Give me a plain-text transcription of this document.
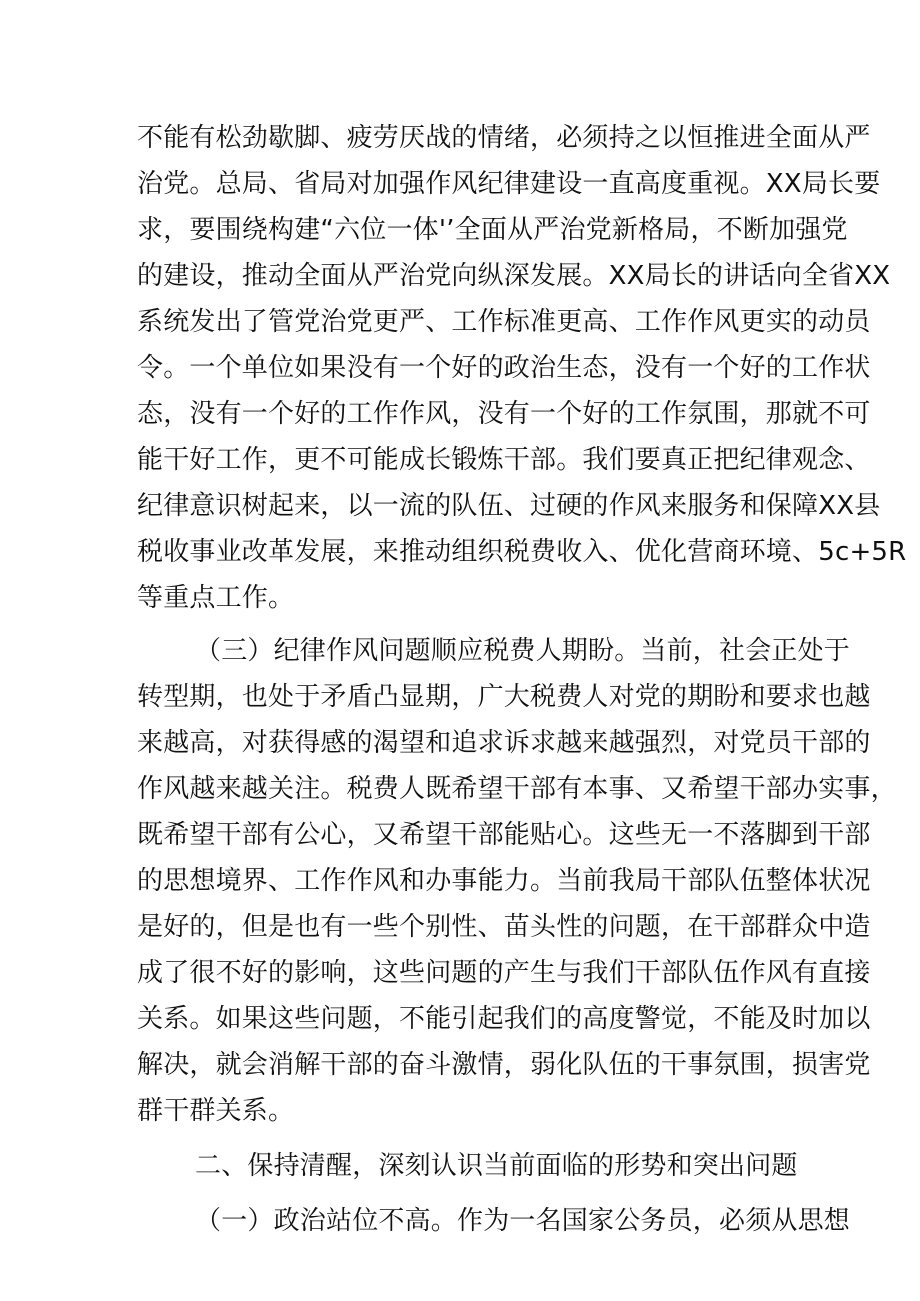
不能有松劲歇脚、疲劳厌战的情绪，必须持之以恒推进全面从严
治党。总局、省局对加强作风纪律建设一直高度重视。XX局长要
求，要围绕构建“六位一体'’全面从严治党新格局，不断加强党
的建设，推动全面从严治党向纵深发展。XX局长的讲话向全省XX
系统发出了管党治党更严、工作标准更高、工作作风更实的动员
令。一个单位如果没有一个好的政治生态，没有一个好的工作状
态，没有一个好的工作作风，没有一个好的工作氛围，那就不可
能干好工作，更不可能成长锻炼干部。我们要真正把纪律观念、
纪律意识树起来，以一流的队伍、过硬的作风来服务和保障XX县
税收事业改革发展，来推动组织税费收入、优化营商环境、5c+5R
等重点工作。
（三）纪律作风问题顺应税费人期盼。当前，社会正处于
转型期，也处于矛盾凸显期，广大税费人对党的期盼和要求也越
来越高，对获得感的渴望和追求诉求越来越强烈，对党员干部的
作风越来越关注。税费人既希望干部有本事、又希望干部办实事，
既希望干部有公心，又希望干部能贴心。这些无一不落脚到干部
的思想境界、工作作风和办事能力。当前我局干部队伍整体状况
是好的，但是也有一些个别性、苗头性的问题，在干部群众中造
成了很不好的影响，这些问题的产生与我们干部队伍作风有直接
关系。如果这些问题，不能引起我们的高度警觉，不能及时加以
解决，就会消解干部的奋斗激情，弱化队伍的干事氛围，损害党
群干群关系。
二、保持清醒，深刻认识当前面临的形势和突出问题
（一）政治站位不高。作为一名国家公务员，必须从思想
